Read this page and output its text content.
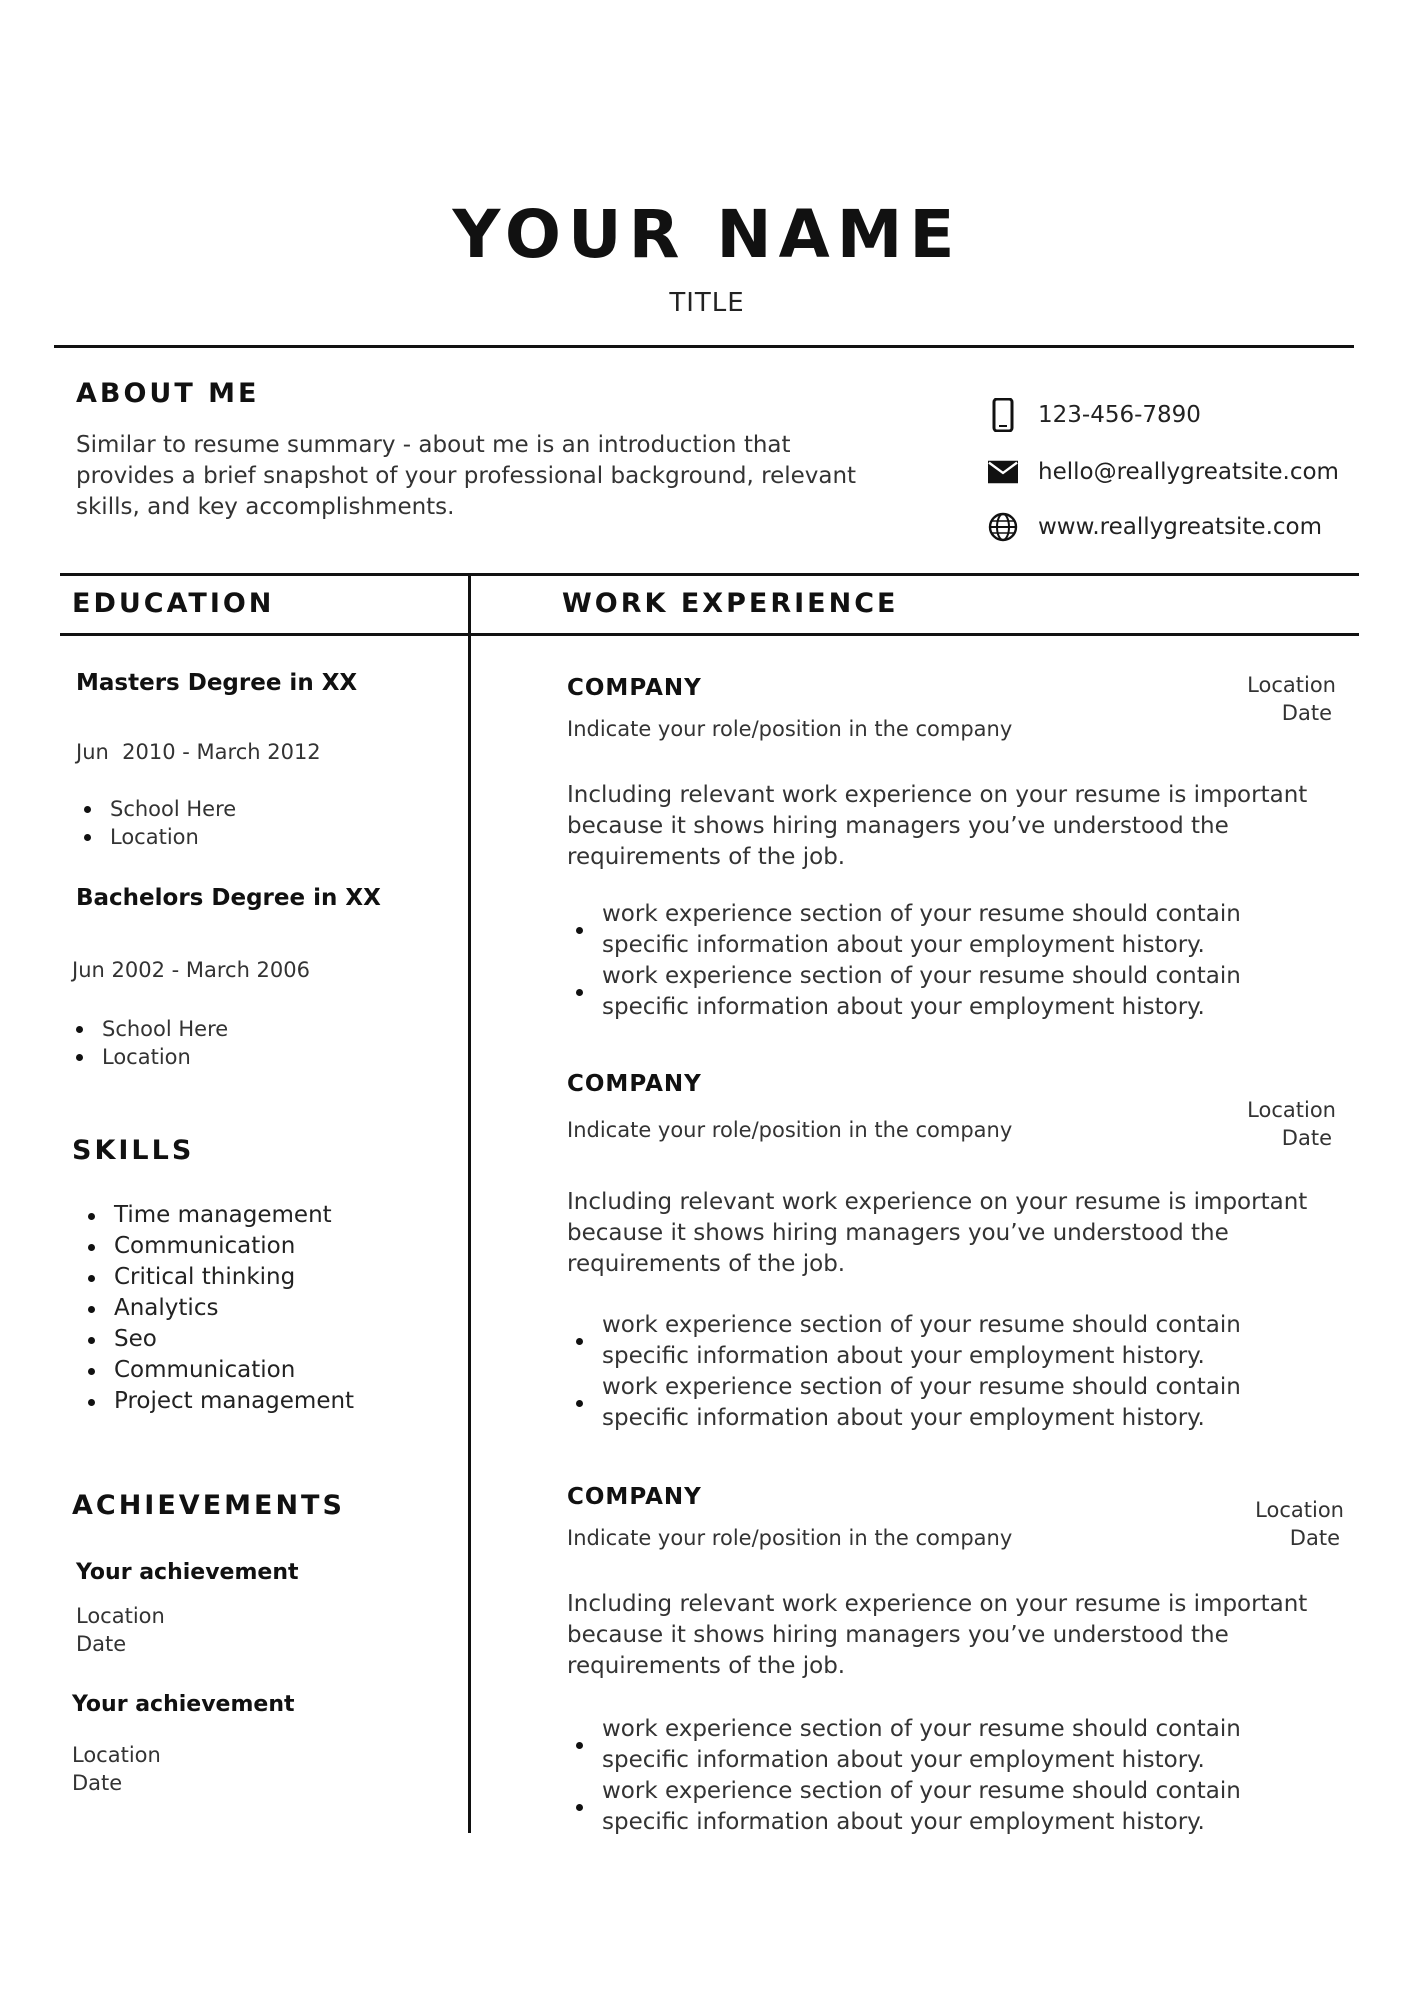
YOUR NAME
TITLE
ABOUT ME
Similar to resume summary - about me is an introduction that
provides a brief snapshot of your professional background, relevant
skills, and key accomplishments.
123-456-7890
hello@reallygreatsite.com
www.reallygreatsite.com
EDUCATION
Masters Degree in XX
Jun  2010 - March 2012
School Here
Location
Bachelors Degree in XX
Jun 2002 - March 2006
School Here
Location
SKILLS
Time management
Communication
Critical thinking
Analytics
Seo
Communication
Project management
ACHIEVEMENTS
Your achievement
Location
Date
Your achievement
Location
Date
WORK EXPERIENCE
COMPANY
Indicate your role/position in the company
Location
Date
Including relevant work experience on your resume is important
because it shows hiring managers you’ve understood the
requirements of the job.
work experience section of your resume should contain
specific information about your employment history.
work experience section of your resume should contain
specific information about your employment history.
COMPANY
Indicate your role/position in the company
Location
Date
Including relevant work experience on your resume is important
because it shows hiring managers you’ve understood the
requirements of the job.
work experience section of your resume should contain
specific information about your employment history.
work experience section of your resume should contain
specific information about your employment history.
COMPANY
Indicate your role/position in the company
Location
Date
Including relevant work experience on your resume is important
because it shows hiring managers you’ve understood the
requirements of the job.
work experience section of your resume should contain
specific information about your employment history.
work experience section of your resume should contain
specific information about your employment history.
